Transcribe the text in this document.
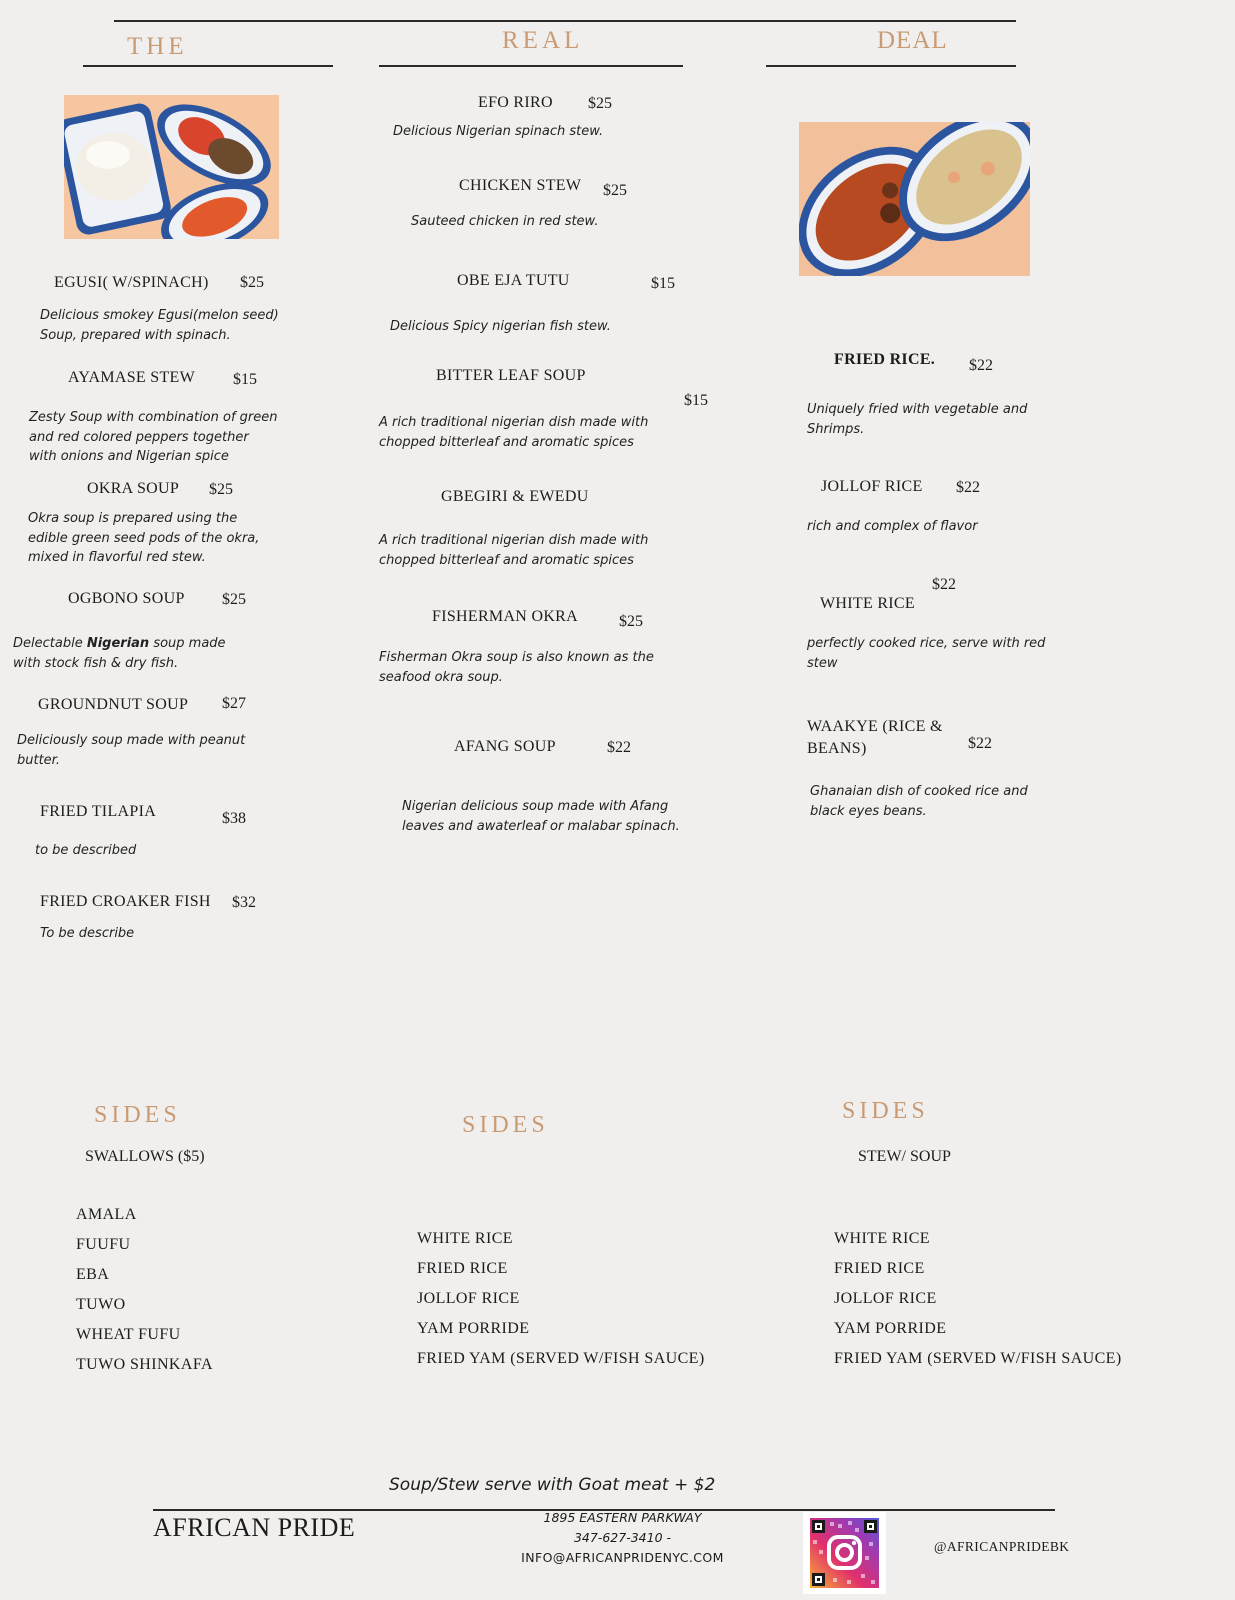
THE	REAL	DEAL
EGUSI( W/SPINACH) $25
Delicious smokey Egusi(melon seed)
Soup, prepared with spinach.
AYAMASE STEW $15
Zesty Soup with combination of green
and red colored peppers together
with onions and Nigerian spice
OKRA SOUP $25
Okra soup is prepared using the
edible green seed pods of the okra,
mixed in flavorful red stew.
OGBONO SOUP $25
Delectable Nigerian soup made
with stock fish & dry fish.
GROUNDNUT SOUP $27
Deliciously soup made with peanut
butter.
FRIED TILAPIA	$38
to be described
FRIED CROAKER FISH $32
To be describe
EFO RIRO $25
Delicious Nigerian spinach stew.
CHICKEN STEW $25
Sauteed chicken in red stew.
OBE EJA TUTU	$15
Delicious Spicy nigerian fish stew.
BITTER LEAF SOUP
$15
A rich traditional nigerian dish made with
chopped bitterleaf and aromatic spices
GBEGIRI & EWEDU
A rich traditional nigerian dish made with
chopped bitterleaf and aromatic spices
FISHERMAN OKRA	$25
Fisherman Okra soup is also known as the
seafood okra soup.
AFANG SOUP	$22
Nigerian delicious soup made with Afang
leaves and awaterleaf or malabar spinach.
FRIED RICE. $22
Uniquely fried with vegetable and
Shrimps.
JOLLOF RICE $22
rich and complex of flavor
WHITE RICE
$22
perfectly cooked rice, serve with red
stew
WAAKYE (RICE &
BEANS)	$22
Ghanaian dish of cooked rice and
black eyes beans.
SIDES
SWALLOWS ($5)
AMALA
FUUFU
EBA
TUWO
WHEAT FUFU
TUWO SHINKAFA
SIDES
WHITE RICE
FRIED RICE
JOLLOF RICE
YAM PORRIDE
FRIED YAM (SERVED W/FISH SAUCE)
SIDES
STEW/ SOUP
WHITE RICE
FRIED RICE
JOLLOF RICE
YAM PORRIDE
FRIED YAM (SERVED W/FISH SAUCE)
Soup/Stew serve with Goat meat + $2
AFRICAN PRIDE	1895 EASTERN PARKWAY
347-627-3410 -
INFO@AFRICANPRIDENYC.COM
@AFRICANPRIDEBK
